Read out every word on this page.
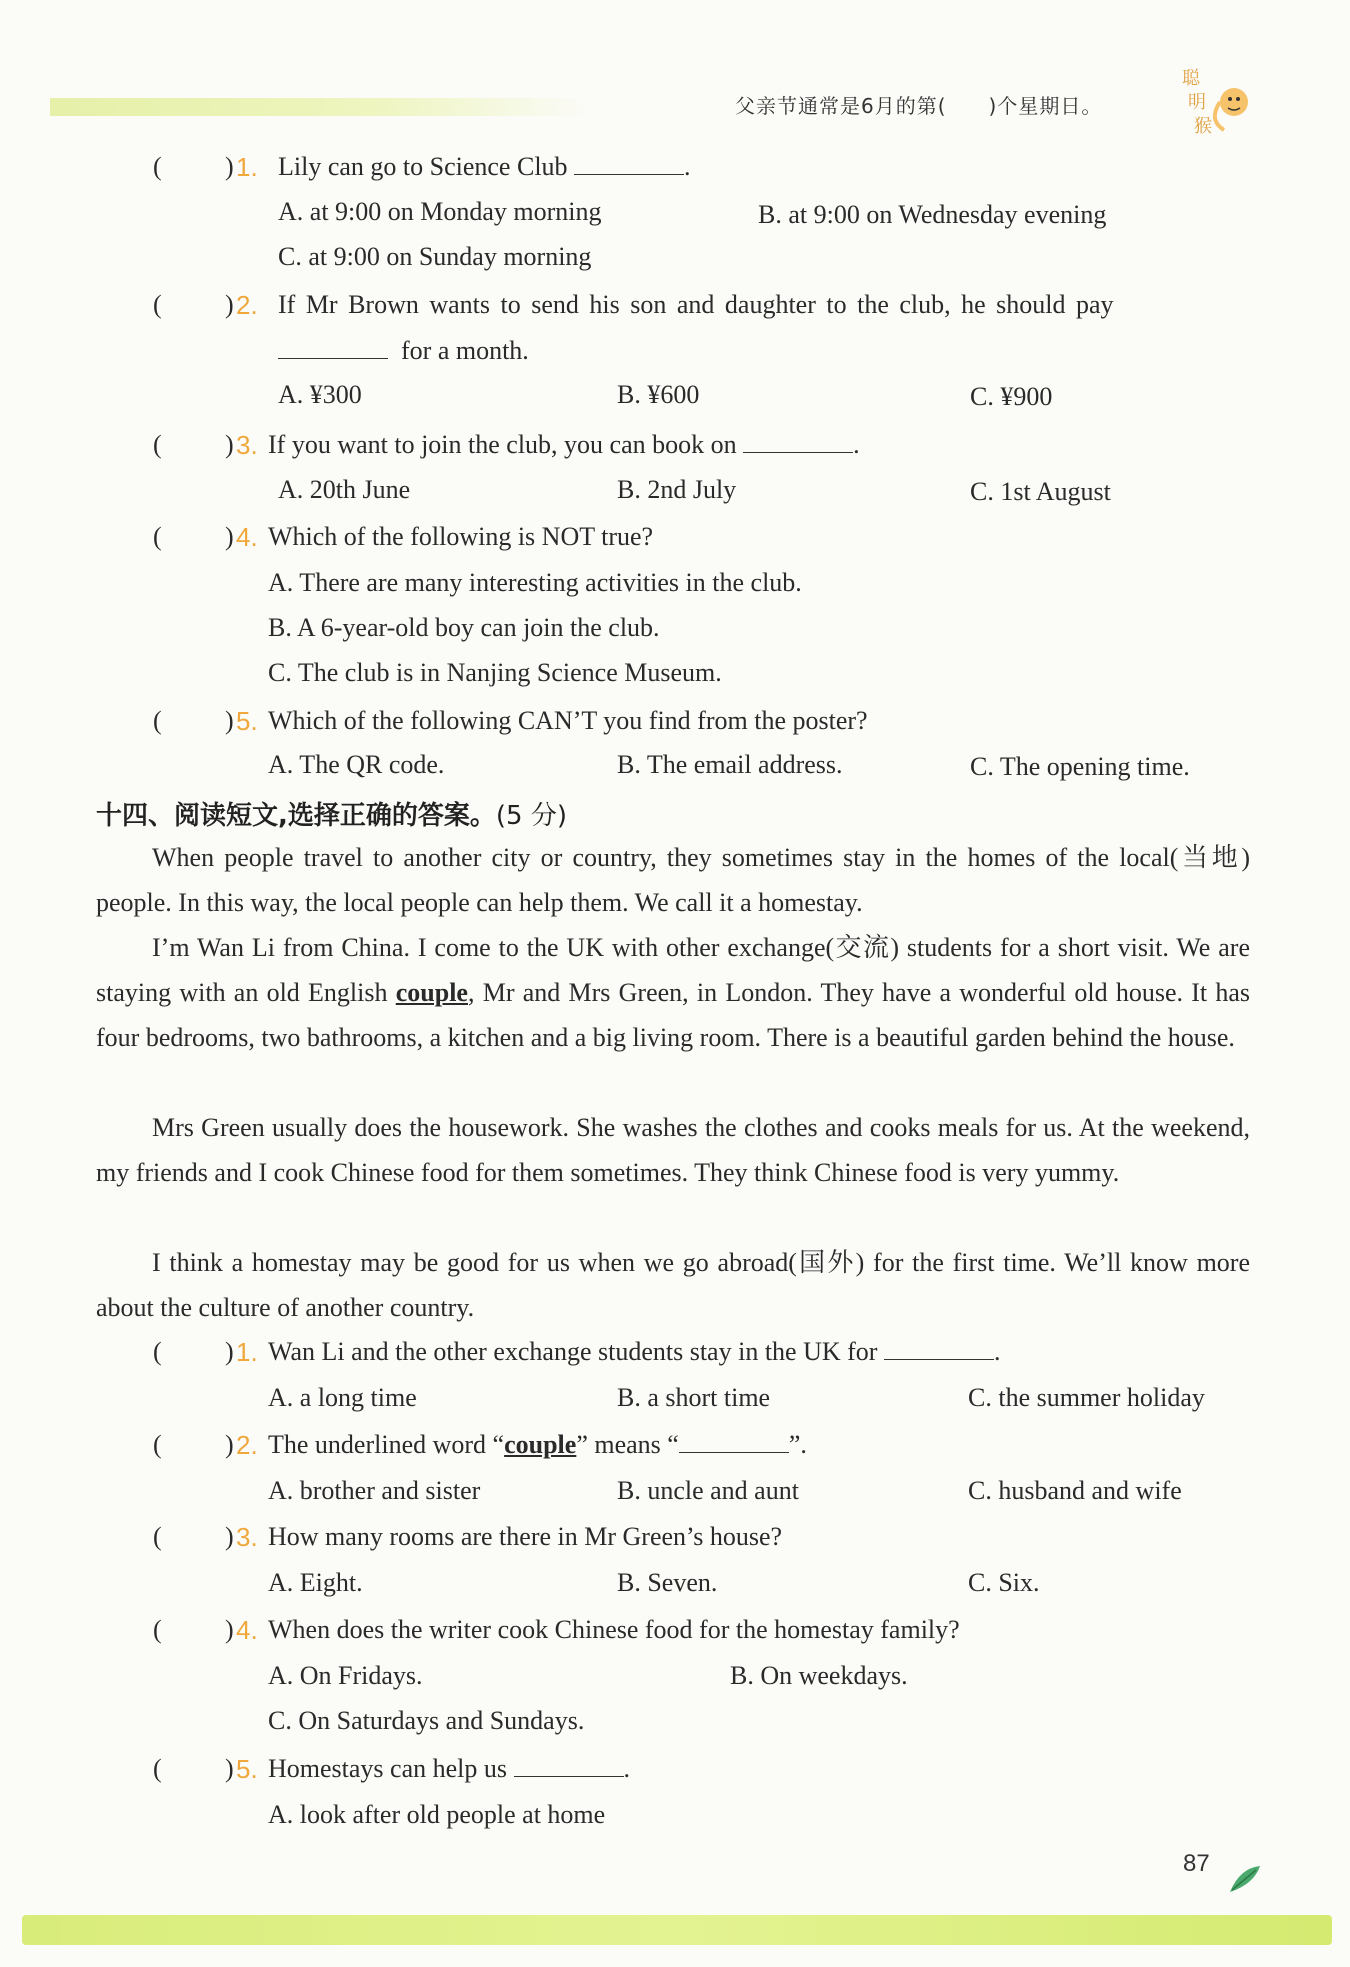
父亲节通常是6月的第(　　)个星期日。
聪
明
猴
( ) 1. Lily can go to Science Club	.
A. at 9:00 on Monday morning	B. at 9:00 on Wednesday evening
C. at 9:00 on Sunday morning
( ) 2. If Mr Brown wants to send his son and daughter to the club, he should pay
for a month.
A. ¥300	B. ¥600	C. ¥900
( ) 3. If you want to join the club, you can book on	.
A. 20th June	B. 2nd July	C. 1st August
( ) 4. Which of the following is NOT true?
A. There are many interesting activities in the club.
B. A 6-year-old boy can join the club.
C. The club is in Nanjing Science Museum.
( ) 5. Which of the following CAN’T you find from the poster?
A. The QR code.	B. The email address.	C. The opening time.
十四、阅读短文,选择正确的答案。(5 分)
When people travel to another city or country, they sometimes stay in the homes of the local(当地) people. In this way, the local people can help them. We call it a homestay.
I’m Wan Li from China. I come to the UK with other exchange(交流) students for a short visit. We are staying with an old English couple, Mr and Mrs Green, in London. They have a wonderful old house. It has four bedrooms, two bathrooms, a kitchen and a big living room. There is a beautiful garden behind the house.
Mrs Green usually does the housework. She washes the clothes and cooks meals for us. At the weekend, my friends and I cook Chinese food for them sometimes. They think Chinese food is very yummy.
I think a homestay may be good for us when we go abroad(国外) for the first time. We’ll know more about the culture of another country.
( ) 1. Wan Li and the other exchange students stay in the UK for	.
A. a long time	B. a short time	C. the summer holiday
( ) 2. The underlined word “couple” means “	”.
A. brother and sister	B. uncle and aunt	C. husband and wife
( ) 3. How many rooms are there in Mr Green’s house?
A. Eight.	B. Seven.	C. Six.
( ) 4. When does the writer cook Chinese food for the homestay family?
A. On Fridays.	B. On weekdays.
C. On Saturdays and Sundays.
( ) 5. Homestays can help us	.
A. look after old people at home
87
